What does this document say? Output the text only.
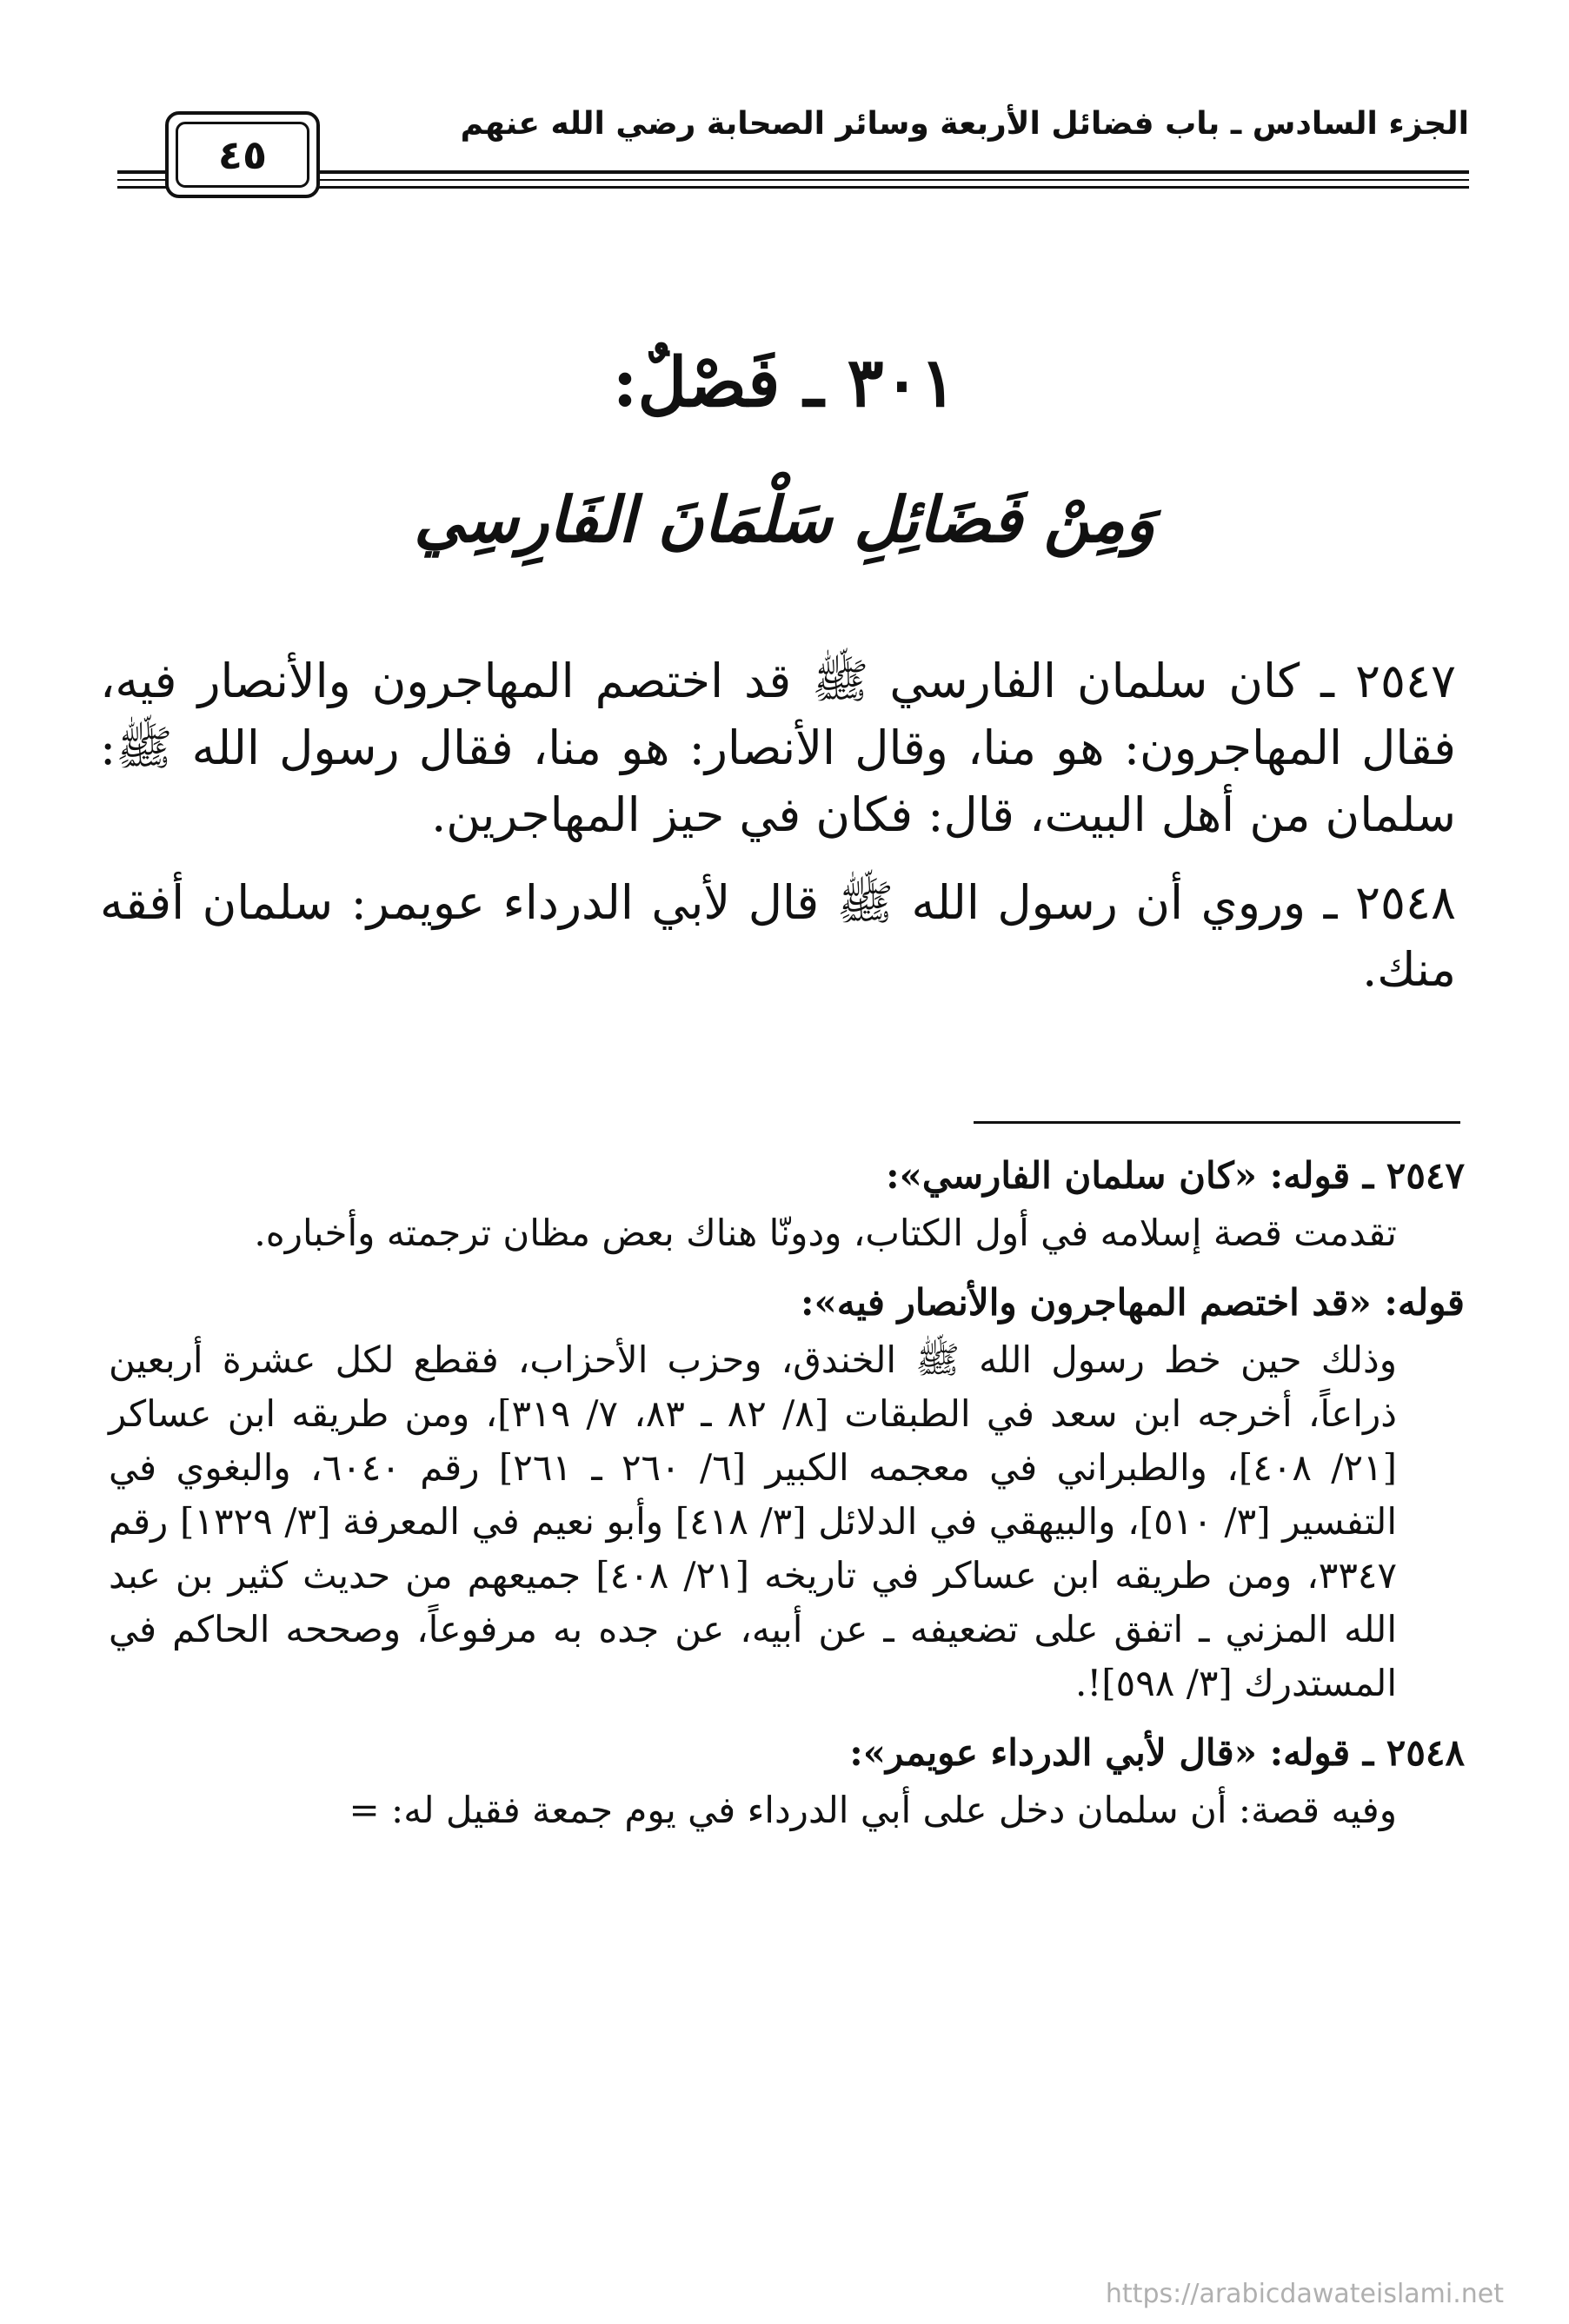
الجزء السادس ـ باب فضائل الأربعة وسائر الصحابة رضي الله عنهم
٤٥
٣٠١ ـ فَصْلٌ:
وَمِنْ فَضَائِلِ سَلْمَانَ الفَارِسِي

٢٥٤٧ ـ كان سلمان الفارسي ﷺ قد اختصم المهاجرون والأنصار فيه، فقال المهاجرون: هو منا، وقال الأنصار: هو منا، فقال رسول الله ﷺ: سلمان من أهل البيت، قال: فكان في حيز المهاجرين.

٢٥٤٨ ـ وروي أن رسول الله ﷺ قال لأبي الدرداء عويمر: سلمان أفقه منك.

٢٥٤٧ ـ قوله: «كان سلمان الفارسي»:
تقدمت قصة إسلامه في أول الكتاب، ودونّا هناك بعض مظان ترجمته وأخباره.
قوله: «قد اختصم المهاجرون والأنصار فيه»:
وذلك حين خط رسول الله ﷺ الخندق، وحزب الأحزاب، فقطع لكل عشرة أربعين ذراعاً، أخرجه ابن سعد في الطبقات [٨/ ٨٢ ـ ٨٣، ٧/ ٣١٩]، ومن طريقه ابن عساكر [٢١/ ٤٠٨]، والطبراني في معجمه الكبير [٦/ ٢٦٠ ـ ٢٦١] رقم ٦٠٤٠، والبغوي في التفسير [٣/ ٥١٠]، والبيهقي في الدلائل [٣/ ٤١٨] وأبو نعيم في المعرفة [٣/ ١٣٢٩] رقم ٣٣٤٧، ومن طريقه ابن عساكر في تاريخه [٢١/ ٤٠٨] جميعهم من حديث كثير بن عبد الله المزني ـ اتفق على تضعيفه ـ عن أبيه، عن جده به مرفوعاً، وصححه الحاكم في المستدرك [٣/ ٥٩٨]!.
٢٥٤٨ ـ قوله: «قال لأبي الدرداء عويمر»:
وفيه قصة: أن سلمان دخل على أبي الدرداء في يوم جمعة فقيل له: =
https://arabicdawateislami.net
